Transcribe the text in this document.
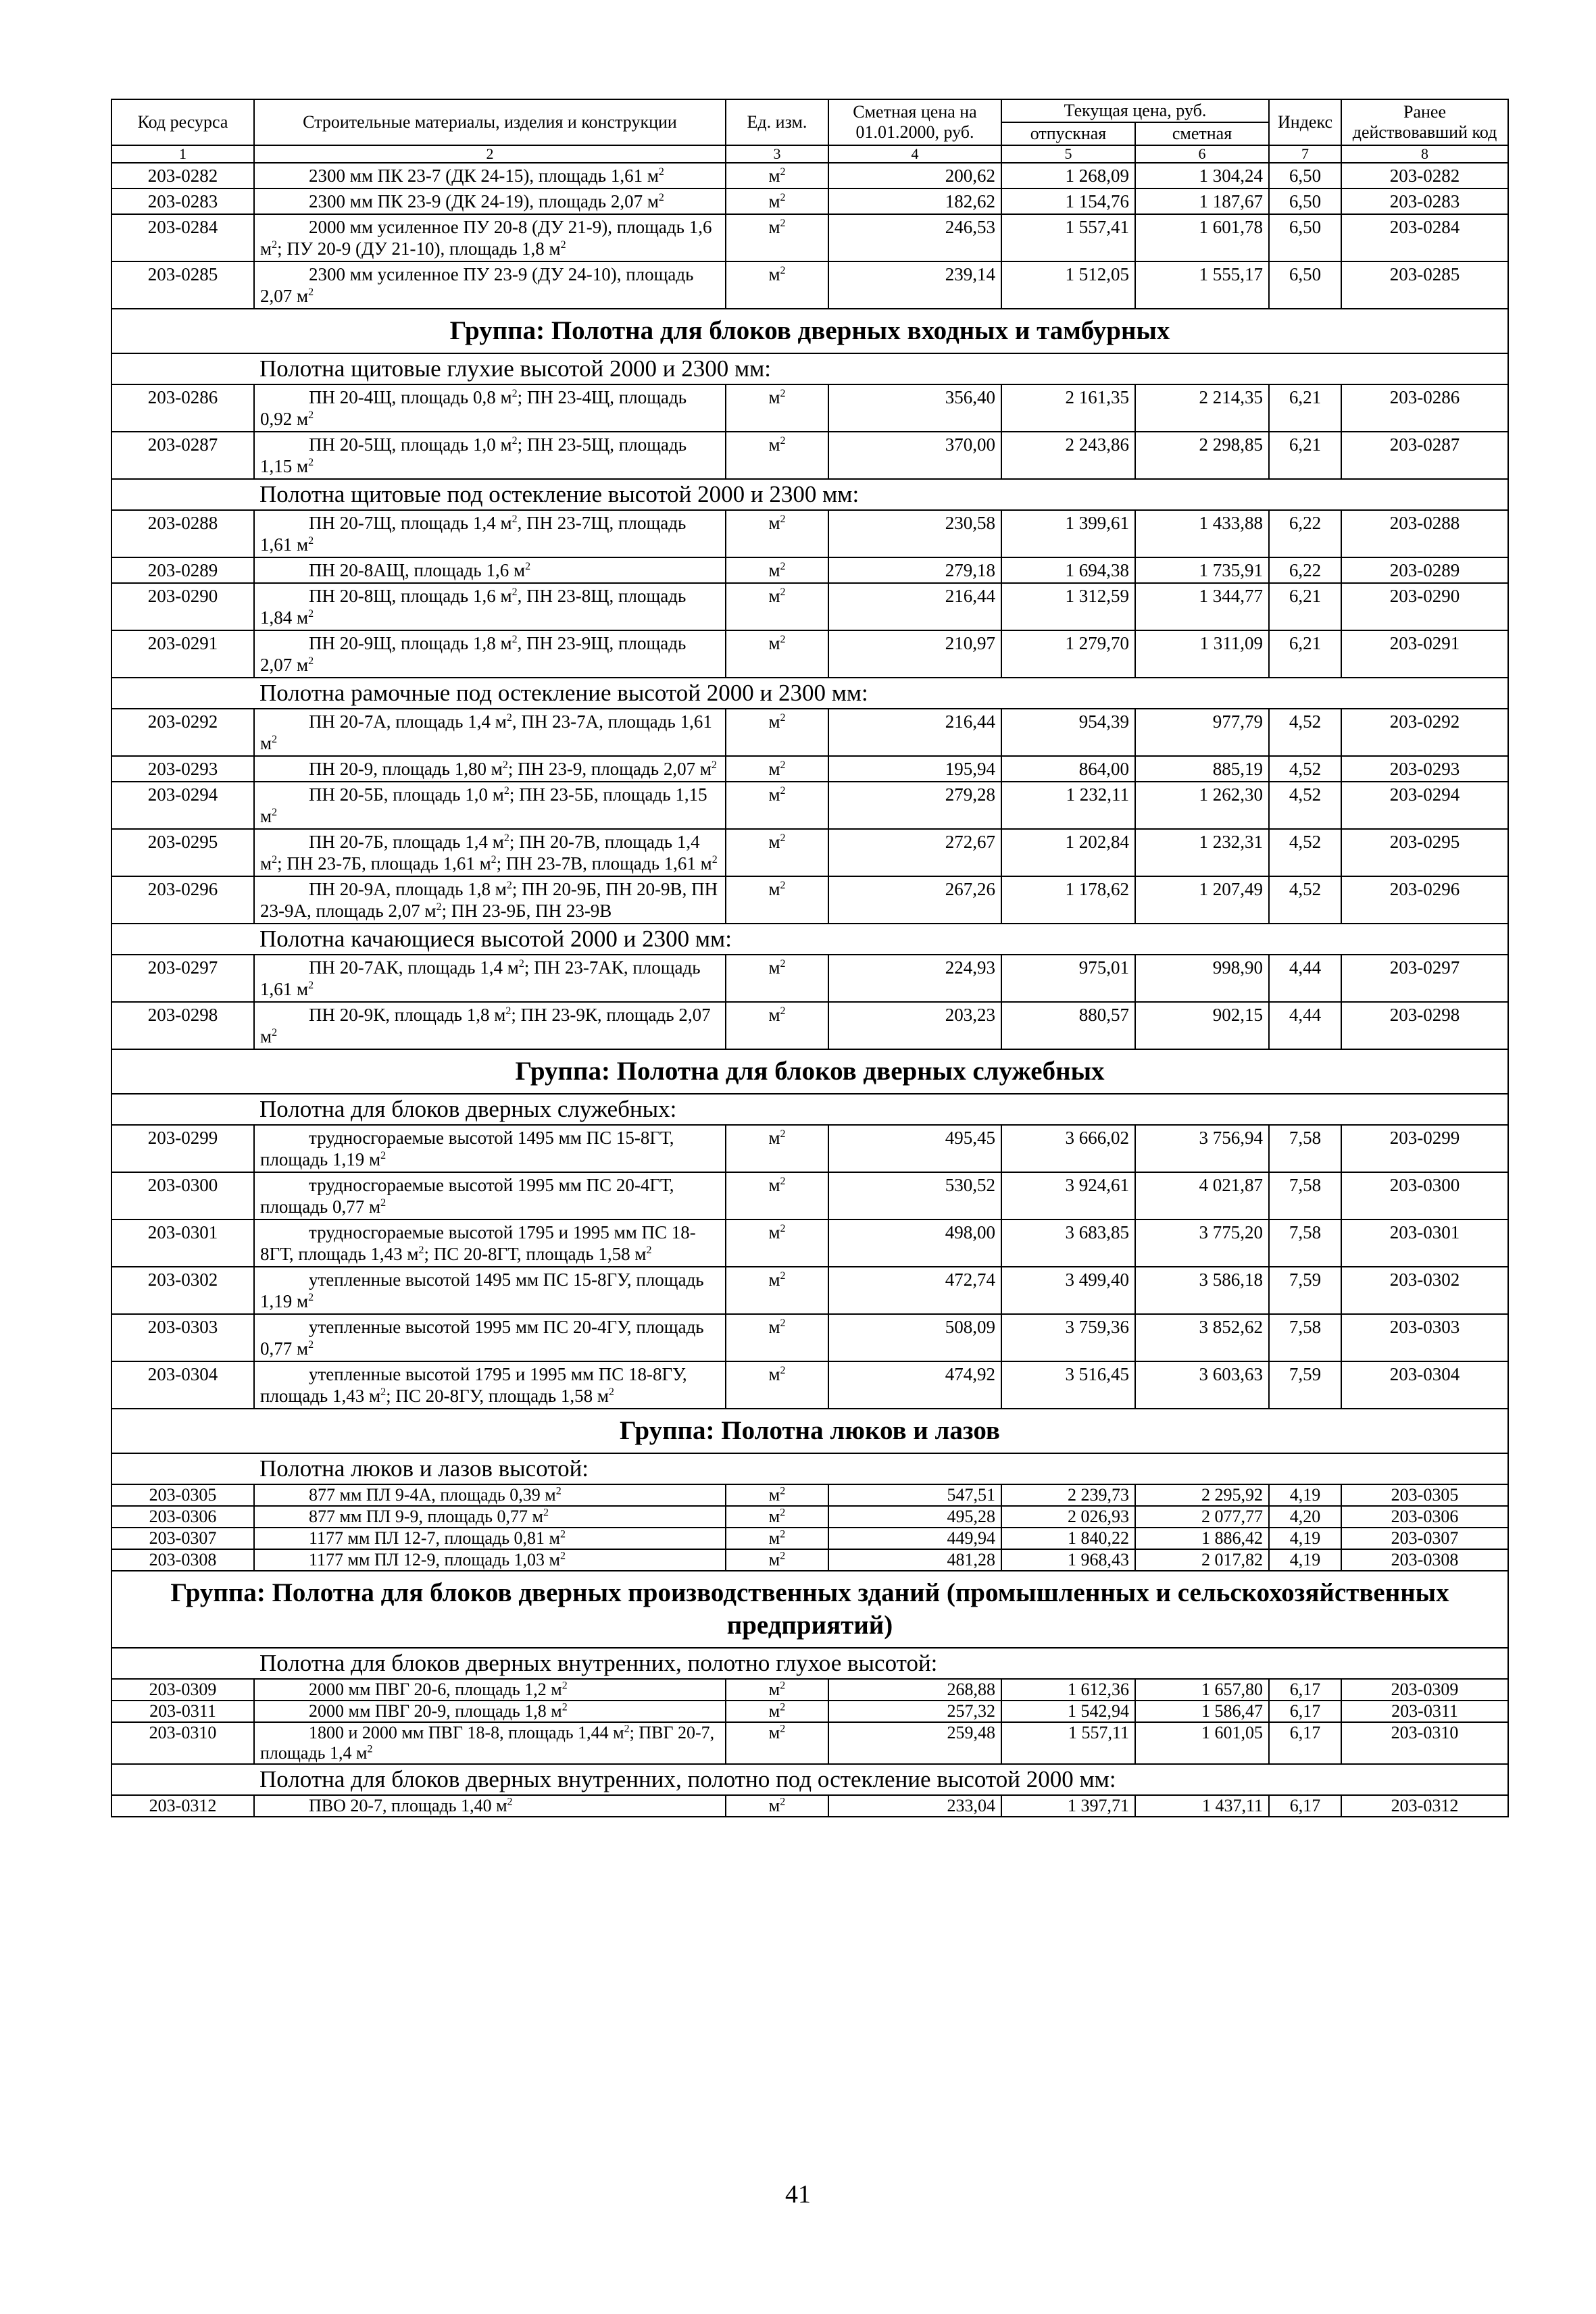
Код ресурса	Строительные материалы, изделия и конструкции	Ед. изм.	Сметная цена на 01.01.2000, руб.	Текущая цена, руб.		Индекс	Ранее действовавший код
				отпускная	сметная		
1	2	3	4	5	6	7	8
203-0282	2300 мм ПК 23-7 (ДК 24-15), площадь 1,61 $м^2$	$м^2$	200,62	1 268,09	1 304,24	6,50	203-0282
203-0283	2300 мм ПК 23-9 (ДК 24-19), площадь 2,07 $м^2$	$м^2$	182,62	1 154,76	1 187,67	6,50	203-0283
203-0284	2000 мм усиленное ПУ 20-8 (ДУ 21-9), площадь 1,6 $м^2$; ПУ 20-9 (ДУ 21-10), площадь 1,8 $м^2$	$м^2$	246,53	1 557,41	1 601,78	6,50	203-0284
203-0285	2300 мм усиленное ПУ 23-9 (ДУ 24-10), площадь 2,07 $м^2$	$м^2$	239,14	1 512,05	1 555,17	6,50	203-0285
Группа: Полотна для блоков дверных входных и тамбурных							
Полотна щитовые глухие высотой 2000 и 2300 мм:							
203-0286	ПН 20-4Щ, площадь 0,8 $м^2$; ПН 23-4Щ, площадь 0,92 $м^2$	$м^2$	356,40	2 161,35	2 214,35	6,21	203-0286
203-0287	ПН 20-5Щ, площадь 1,0 $м^2$; ПН 23-5Щ, площадь 1,15 $м^2$	$м^2$	370,00	2 243,86	2 298,85	6,21	203-0287
Полотна щитовые под остекление высотой 2000 и 2300 мм:							
203-0288	ПН 20-7Щ, площадь 1,4 $м^2$, ПН 23-7Щ, площадь 1,61 $м^2$	$м^2$	230,58	1 399,61	1 433,88	6,22	203-0288
203-0289	ПН 20-8АЩ, площадь 1,6 $м^2$	$м^2$	279,18	1 694,38	1 735,91	6,22	203-0289
203-0290	ПН 20-8Щ, площадь 1,6 $м^2$, ПН 23-8Щ, площадь 1,84 $м^2$	$м^2$	216,44	1 312,59	1 344,77	6,21	203-0290
203-0291	ПН 20-9Щ, площадь 1,8 $м^2$, ПН 23-9Щ, площадь 2,07 $м^2$	$м^2$	210,97	1 279,70	1 311,09	6,21	203-0291
Полотна рамочные под остекление высотой 2000 и 2300 мм:							
203-0292	ПН 20-7А, площадь 1,4 $м^2$, ПН 23-7А, площадь 1,61 $м^2$	$м^2$	216,44	954,39	977,79	4,52	203-0292
203-0293	ПН 20-9, площадь 1,80 $м^2$; ПН 23-9, площадь 2,07 $м^2$	$м^2$	195,94	864,00	885,19	4,52	203-0293
203-0294	ПН 20-5Б, площадь 1,0 $м^2$; ПН 23-5Б, площадь 1,15 $м^2$	$м^2$	279,28	1 232,11	1 262,30	4,52	203-0294
203-0295	ПН 20-7Б, площадь 1,4 $м^2$; ПН 20-7В, площадь 1,4 $м^2$; ПН 23-7Б, площадь 1,61 $м^2$; ПН 23-7В, площадь 1,61 $м^2$	$м^2$	272,67	1 202,84	1 232,31	4,52	203-0295
203-0296	ПН 20-9А, площадь 1,8 $м^2$; ПН 20-9Б, ПН 20-9В, ПН 23-9А, площадь 2,07 $м^2$; ПН 23-9Б, ПН 23-9В	$м^2$	267,26	1 178,62	1 207,49	4,52	203-0296
Полотна качающиеся высотой 2000 и 2300 мм:							
203-0297	ПН 20-7АК, площадь 1,4 $м^2$; ПН 23-7АК, площадь 1,61 $м^2$	$м^2$	224,93	975,01	998,90	4,44	203-0297
203-0298	ПН 20-9К, площадь 1,8 $м^2$; ПН 23-9К, площадь 2,07 $м^2$	$м^2$	203,23	880,57	902,15	4,44	203-0298
Группа: Полотна для блоков дверных служебных							
Полотна для блоков дверных служебных:							
203-0299	трудносгораемые высотой 1495 мм ПС 15-8ГТ, площадь 1,19 $м^2$	$м^2$	495,45	3 666,02	3 756,94	7,58	203-0299
203-0300	трудносгораемые высотой 1995 мм ПС 20-4ГТ, площадь 0,77 $м^2$	$м^2$	530,52	3 924,61	4 021,87	7,58	203-0300
203-0301	трудносгораемые высотой 1795 и 1995 мм ПС 18-8ГТ, площадь 1,43 $м^2$; ПС 20-8ГТ, площадь 1,58 $м^2$	$м^2$	498,00	3 683,85	3 775,20	7,58	203-0301
203-0302	утепленные высотой 1495 мм ПС 15-8ГУ, площадь 1,19 $м^2$	$м^2$	472,74	3 499,40	3 586,18	7,59	203-0302
203-0303	утепленные высотой 1995 мм ПС 20-4ГУ, площадь 0,77 $м^2$	$м^2$	508,09	3 759,36	3 852,62	7,58	203-0303
203-0304	утепленные высотой 1795 и 1995 мм ПС 18-8ГУ, площадь 1,43 $м^2$; ПС 20-8ГУ, площадь 1,58 $м^2$	$м^2$	474,92	3 516,45	3 603,63	7,59	203-0304
Группа: Полотна люков и лазов							
Полотна люков и лазов высотой:							
203-0305	877 мм ПЛ 9-4А, площадь 0,39 $м^2$	$м^2$	547,51	2 239,73	2 295,92	4,19	203-0305
203-0306	877 мм ПЛ 9-9, площадь 0,77 $м^2$	$м^2$	495,28	2 026,93	2 077,77	4,20	203-0306
203-0307	1177 мм ПЛ 12-7, площадь 0,81 $м^2$	$м^2$	449,94	1 840,22	1 886,42	4,19	203-0307
203-0308	1177 мм ПЛ 12-9, площадь 1,03 $м^2$	$м^2$	481,28	1 968,43	2 017,82	4,19	203-0308
Группа: Полотна для блоков дверных производственных зданий (промышленных и сельскохозяйственных предприятий)							
Полотна для блоков дверных внутренних, полотно глухое высотой:							
203-0309	2000 мм ПВГ 20-6, площадь 1,2 $м^2$	$м^2$	268,88	1 612,36	1 657,80	6,17	203-0309
203-0311	2000 мм ПВГ 20-9, площадь 1,8 $м^2$	$м^2$	257,32	1 542,94	1 586,47	6,17	203-0311
203-0310	1800 и 2000 мм ПВГ 18-8, площадь 1,44 $м^2$; ПВГ 20-7, площадь 1,4 $м^2$	$м^2$	259,48	1 557,11	1 601,05	6,17	203-0310
Полотна для блоков дверных внутренних, полотно под остекление высотой 2000 мм:							
203-0312	ПВО 20-7, площадь 1,40 $м^2$	$м^2$	233,04	1 397,71	1 437,11	6,17	203-0312
41
